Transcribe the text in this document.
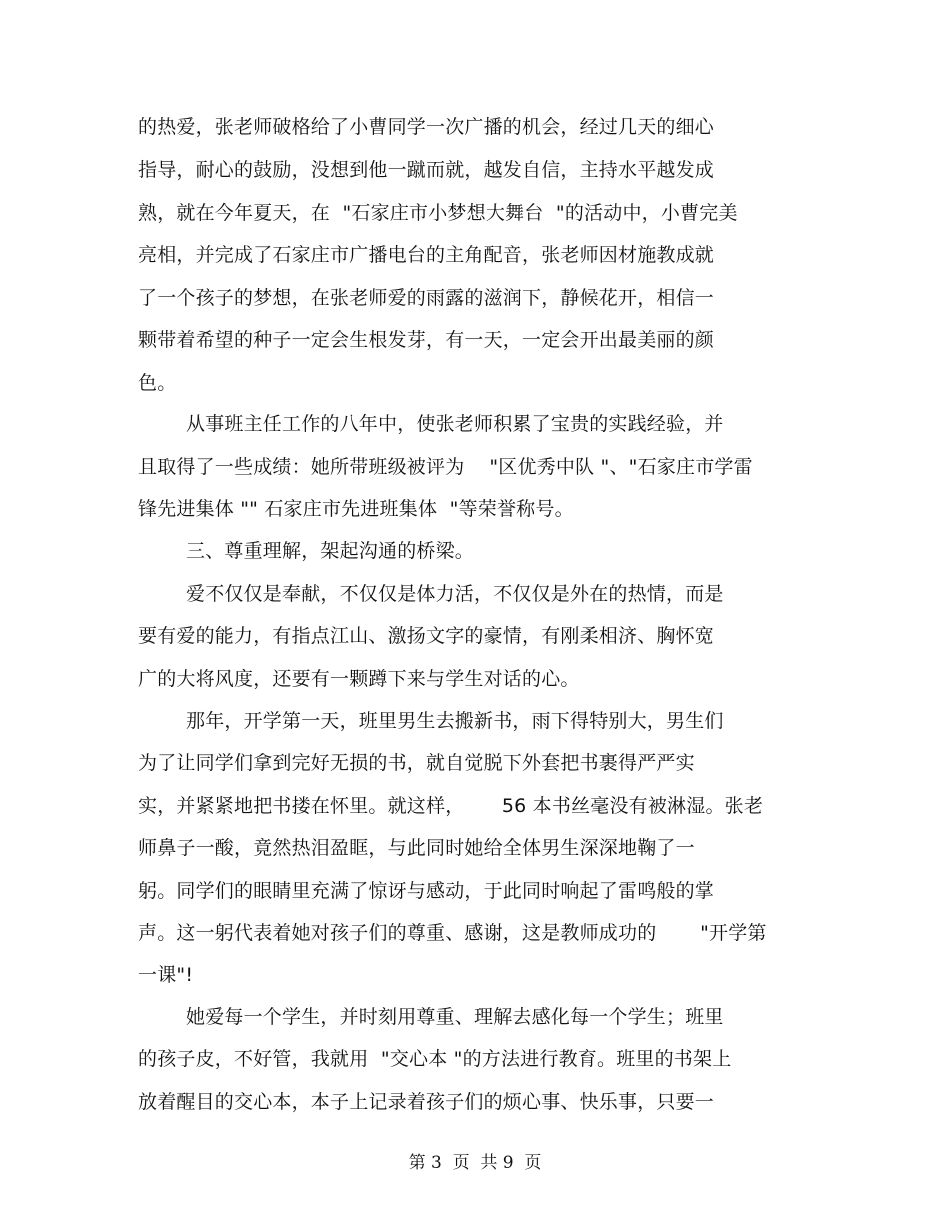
的热爱，张老师破格给了小曹同学一次广播的机会，经过几天的细心
指导，耐心的鼓励，没想到他一蹴而就，越发自信，主持水平越发成
熟，就在今年夏天，在  "石家庄市小梦想大舞台  "的活动中，小曹完美
亮相，并完成了石家庄市广播电台的主角配音，张老师因材施教成就
了一个孩子的梦想，在张老师爱的雨露的滋润下，静候花开，相信一
颗带着希望的种子一定会生根发芽，有一天，一定会开出最美丽的颜
色。
从事班主任工作的八年中，使张老师积累了宝贵的实践经验，并
且取得了一些成绩：她所带班级被评为    "区优秀中队 "、"石家庄市学雷
锋先进集体 "" 石家庄市先进班集体  "等荣誉称号。
三、尊重理解，架起沟通的桥梁。
爱不仅仅是奉献，不仅仅是体力活，不仅仅是外在的热情，而是
要有爱的能力，有指点江山、激扬文字的豪情，有刚柔相济、胸怀宽
广的大将风度，还要有一颗蹲下来与学生对话的心。
那年，开学第一天，班里男生去搬新书，雨下得特别大，男生们
为了让同学们拿到完好无损的书，就自觉脱下外套把书裹得严严实
实，并紧紧地把书搂在怀里。就这样，      56 本书丝毫没有被淋湿。张老
师鼻子一酸，竟然热泪盈眶，与此同时她给全体男生深深地鞠了一
躬。同学们的眼睛里充满了惊讶与感动，于此同时响起了雷鸣般的掌
声。这一躬代表着她对孩子们的尊重、感谢，这是教师成功的       "开学第
一课"!
她爱每一个学生，并时刻用尊重、理解去感化每一个学生；班里
的孩子皮，不好管，我就用  "交心本 "的方法进行教育。班里的书架上
放着醒目的交心本，本子上记录着孩子们的烦心事、快乐事，只要一
第 3  页  共 9  页
